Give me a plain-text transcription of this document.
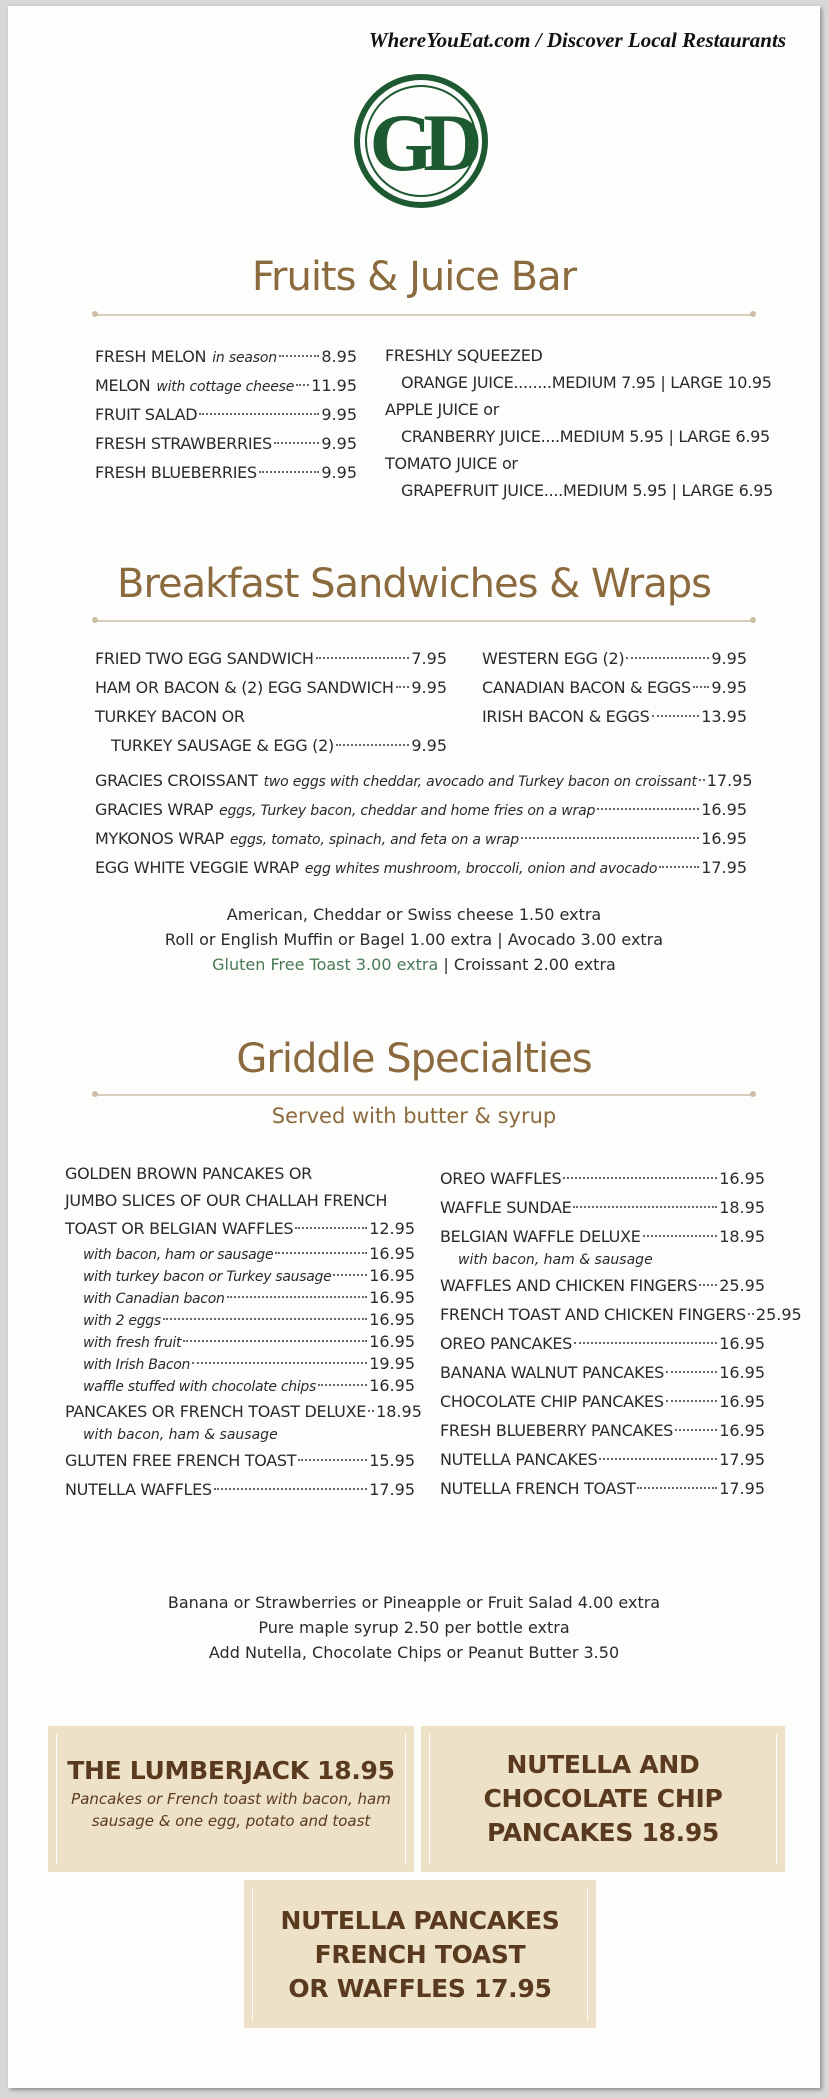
WhereYouEat.com / Discover Local Restaurants
GD
Fruits & Juice Bar
FRESH MELON in season	8.95
MELON with cottage cheese 11.95
FRUIT SALAD	9.95
FRESH STRAWBERRIES	9.95
FRESH BLUEBERRIES	9.95
FRESHLY SQUEEZED
ORANGE JUICE........MEDIUM 7.95 | LARGE 10.95
APPLE JUICE or
CRANBERRY JUICE....MEDIUM 5.95 | LARGE 6.95
TOMATO JUICE or
GRAPEFRUIT JUICE....MEDIUM 5.95 | LARGE 6.95
Breakfast Sandwiches & Wraps
FRIED TWO EGG SANDWICH	7.95
HAM OR BACON & (2) EGG SANDWICH 9.95
TURKEY BACON OR
TURKEY SAUSAGE & EGG (2)	9.95
WESTERN EGG (2)	9.95
CANADIAN BACON & EGGS 9.95
IRISH BACON & EGGS	13.95
GRACIES CROISSANT two eggs with cheddar, avocado and Turkey bacon on croissant 17.95
GRACIES WRAP eggs, Turkey bacon, cheddar and home fries on a wrap	16.95
MYKONOS WRAP eggs, tomato, spinach, and feta on a wrap	16.95
EGG WHITE VEGGIE WRAP egg whites mushroom, broccoli, onion and avocado	17.95
American, Cheddar or Swiss cheese 1.50 extra
Roll or English Muffin or Bagel 1.00 extra | Avocado 3.00 extra
Gluten Free Toast 3.00 extra | Croissant 2.00 extra
Griddle Specialties
Served with butter & syrup
GOLDEN BROWN PANCAKES OR
JUMBO SLICES OF OUR CHALLAH FRENCH
TOAST OR BELGIAN WAFFLES	12.95
with bacon, ham or sausage	16.95
with turkey bacon or Turkey sausage 16.95
with Canadian bacon	16.95
with 2 eggs	16.95
with fresh fruit	16.95
with Irish Bacon	19.95
waffle stuffed with chocolate chips	16.95
PANCAKES OR FRENCH TOAST DELUXE 18.95
with bacon, ham & sausage
GLUTEN FREE FRENCH TOAST	15.95
NUTELLA WAFFLES	17.95
OREO WAFFLES	16.95
WAFFLE SUNDAE	18.95
BELGIAN WAFFLE DELUXE	18.95
with bacon, ham & sausage
WAFFLES AND CHICKEN FINGERS 25.95
FRENCH TOAST AND CHICKEN FINGERS 25.95
OREO PANCAKES	16.95
BANANA WALNUT PANCAKES	16.95
CHOCOLATE CHIP PANCAKES	16.95
FRESH BLUEBERRY PANCAKES	16.95
NUTELLA PANCAKES	17.95
NUTELLA FRENCH TOAST	17.95
Banana or Strawberries or Pineapple or Fruit Salad 4.00 extra
Pure maple syrup 2.50 per bottle extra
Add Nutella, Chocolate Chips or Peanut Butter 3.50
THE LUMBERJACK 18.95
Pancakes or French toast with bacon, ham
sausage & one egg, potato and toast
NUTELLA AND
CHOCOLATE CHIP
PANCAKES 18.95
NUTELLA PANCAKES
FRENCH TOAST
OR WAFFLES 17.95
